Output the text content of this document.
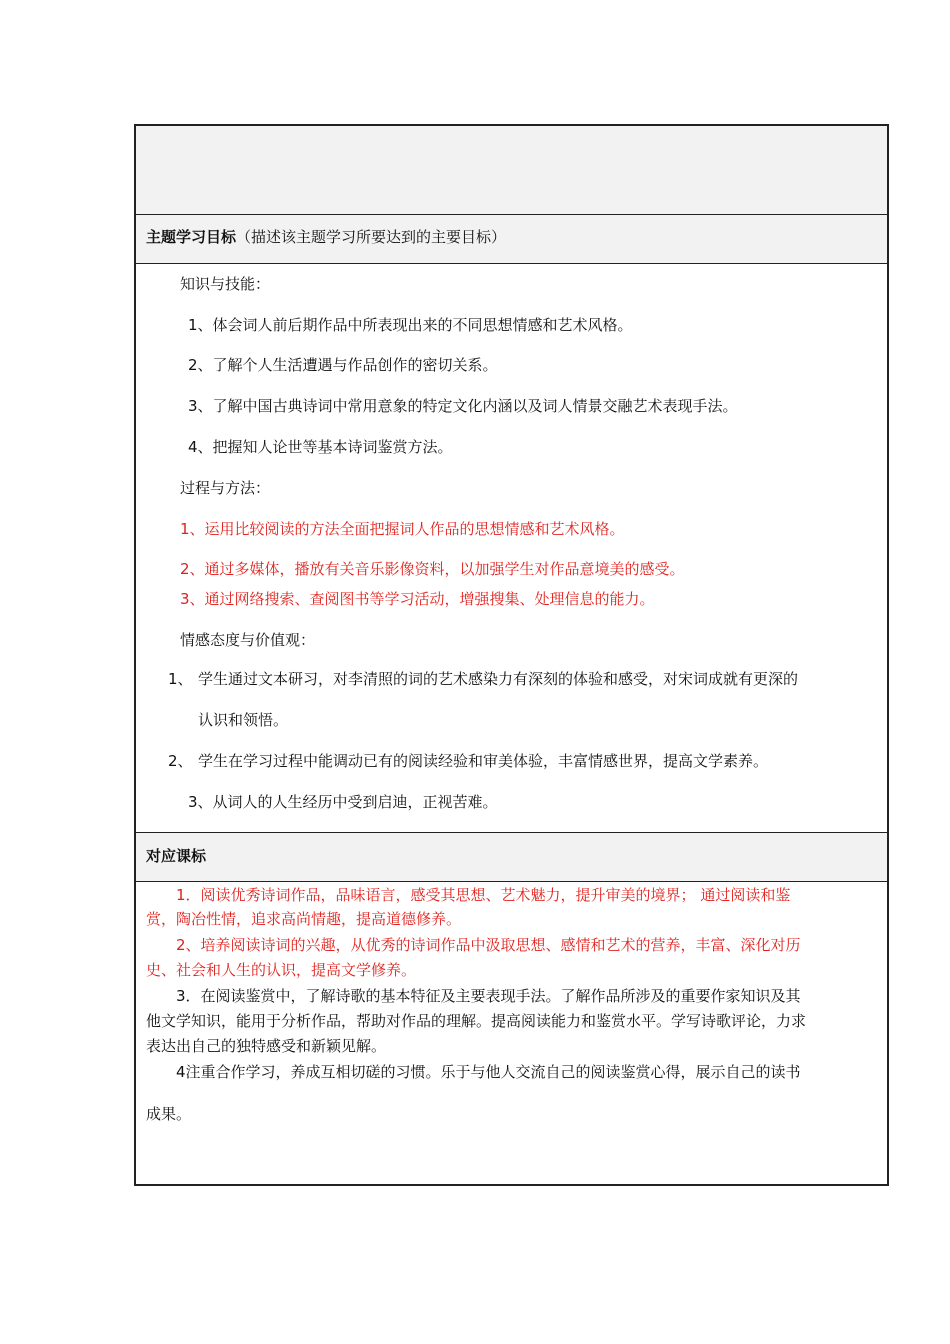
主题学习目标（描述该主题学习所要达到的主要目标）
知识与技能：
1、体会词人前后期作品中所表现出来的不同思想情感和艺术风格。
2、了解个人生活遭遇与作品创作的密切关系。
3、了解中国古典诗词中常用意象的特定文化内涵以及词人情景交融艺术表现手法。
4、把握知人论世等基本诗词鉴赏方法。
过程与方法：
1、运用比较阅读的方法全面把握词人作品的思想情感和艺术风格。
2、通过多媒体，播放有关音乐影像资料，以加强学生对作品意境美的感受。
3、通过网络搜索、查阅图书等学习活动，增强搜集、处理信息的能力。
情感态度与价值观：
1、 学生通过文本研习，对李清照的词的艺术感染力有深刻的体验和感受，对宋词成就有更深的
认识和领悟。
2、 学生在学习过程中能调动已有的阅读经验和审美体验，丰富情感世界，提高文学素养。
3、从词人的人生经历中受到启迪，正视苦难。
对应课标
1．阅读优秀诗词作品，品味语言，感受其思想、艺术魅力，提升审美的境界； 通过阅读和鉴
赏，陶冶性情，追求高尚情趣，提高道德修养。
2、培养阅读诗词的兴趣，从优秀的诗词作品中汲取思想、感情和艺术的营养，丰富、深化对历
史、社会和人生的认识，提高文学修养。
3．在阅读鉴赏中，了解诗歌的基本特征及主要表现手法。了解作品所涉及的重要作家知识及其
他文学知识，能用于分析作品，帮助对作品的理解。提高阅读能力和鉴赏水平。学写诗歌评论，力求
表达出自己的独特感受和新颖见解。
4注重合作学习，养成互相切磋的习惯。乐于与他人交流自己的阅读鉴赏心得，展示自己的读书
成果。
